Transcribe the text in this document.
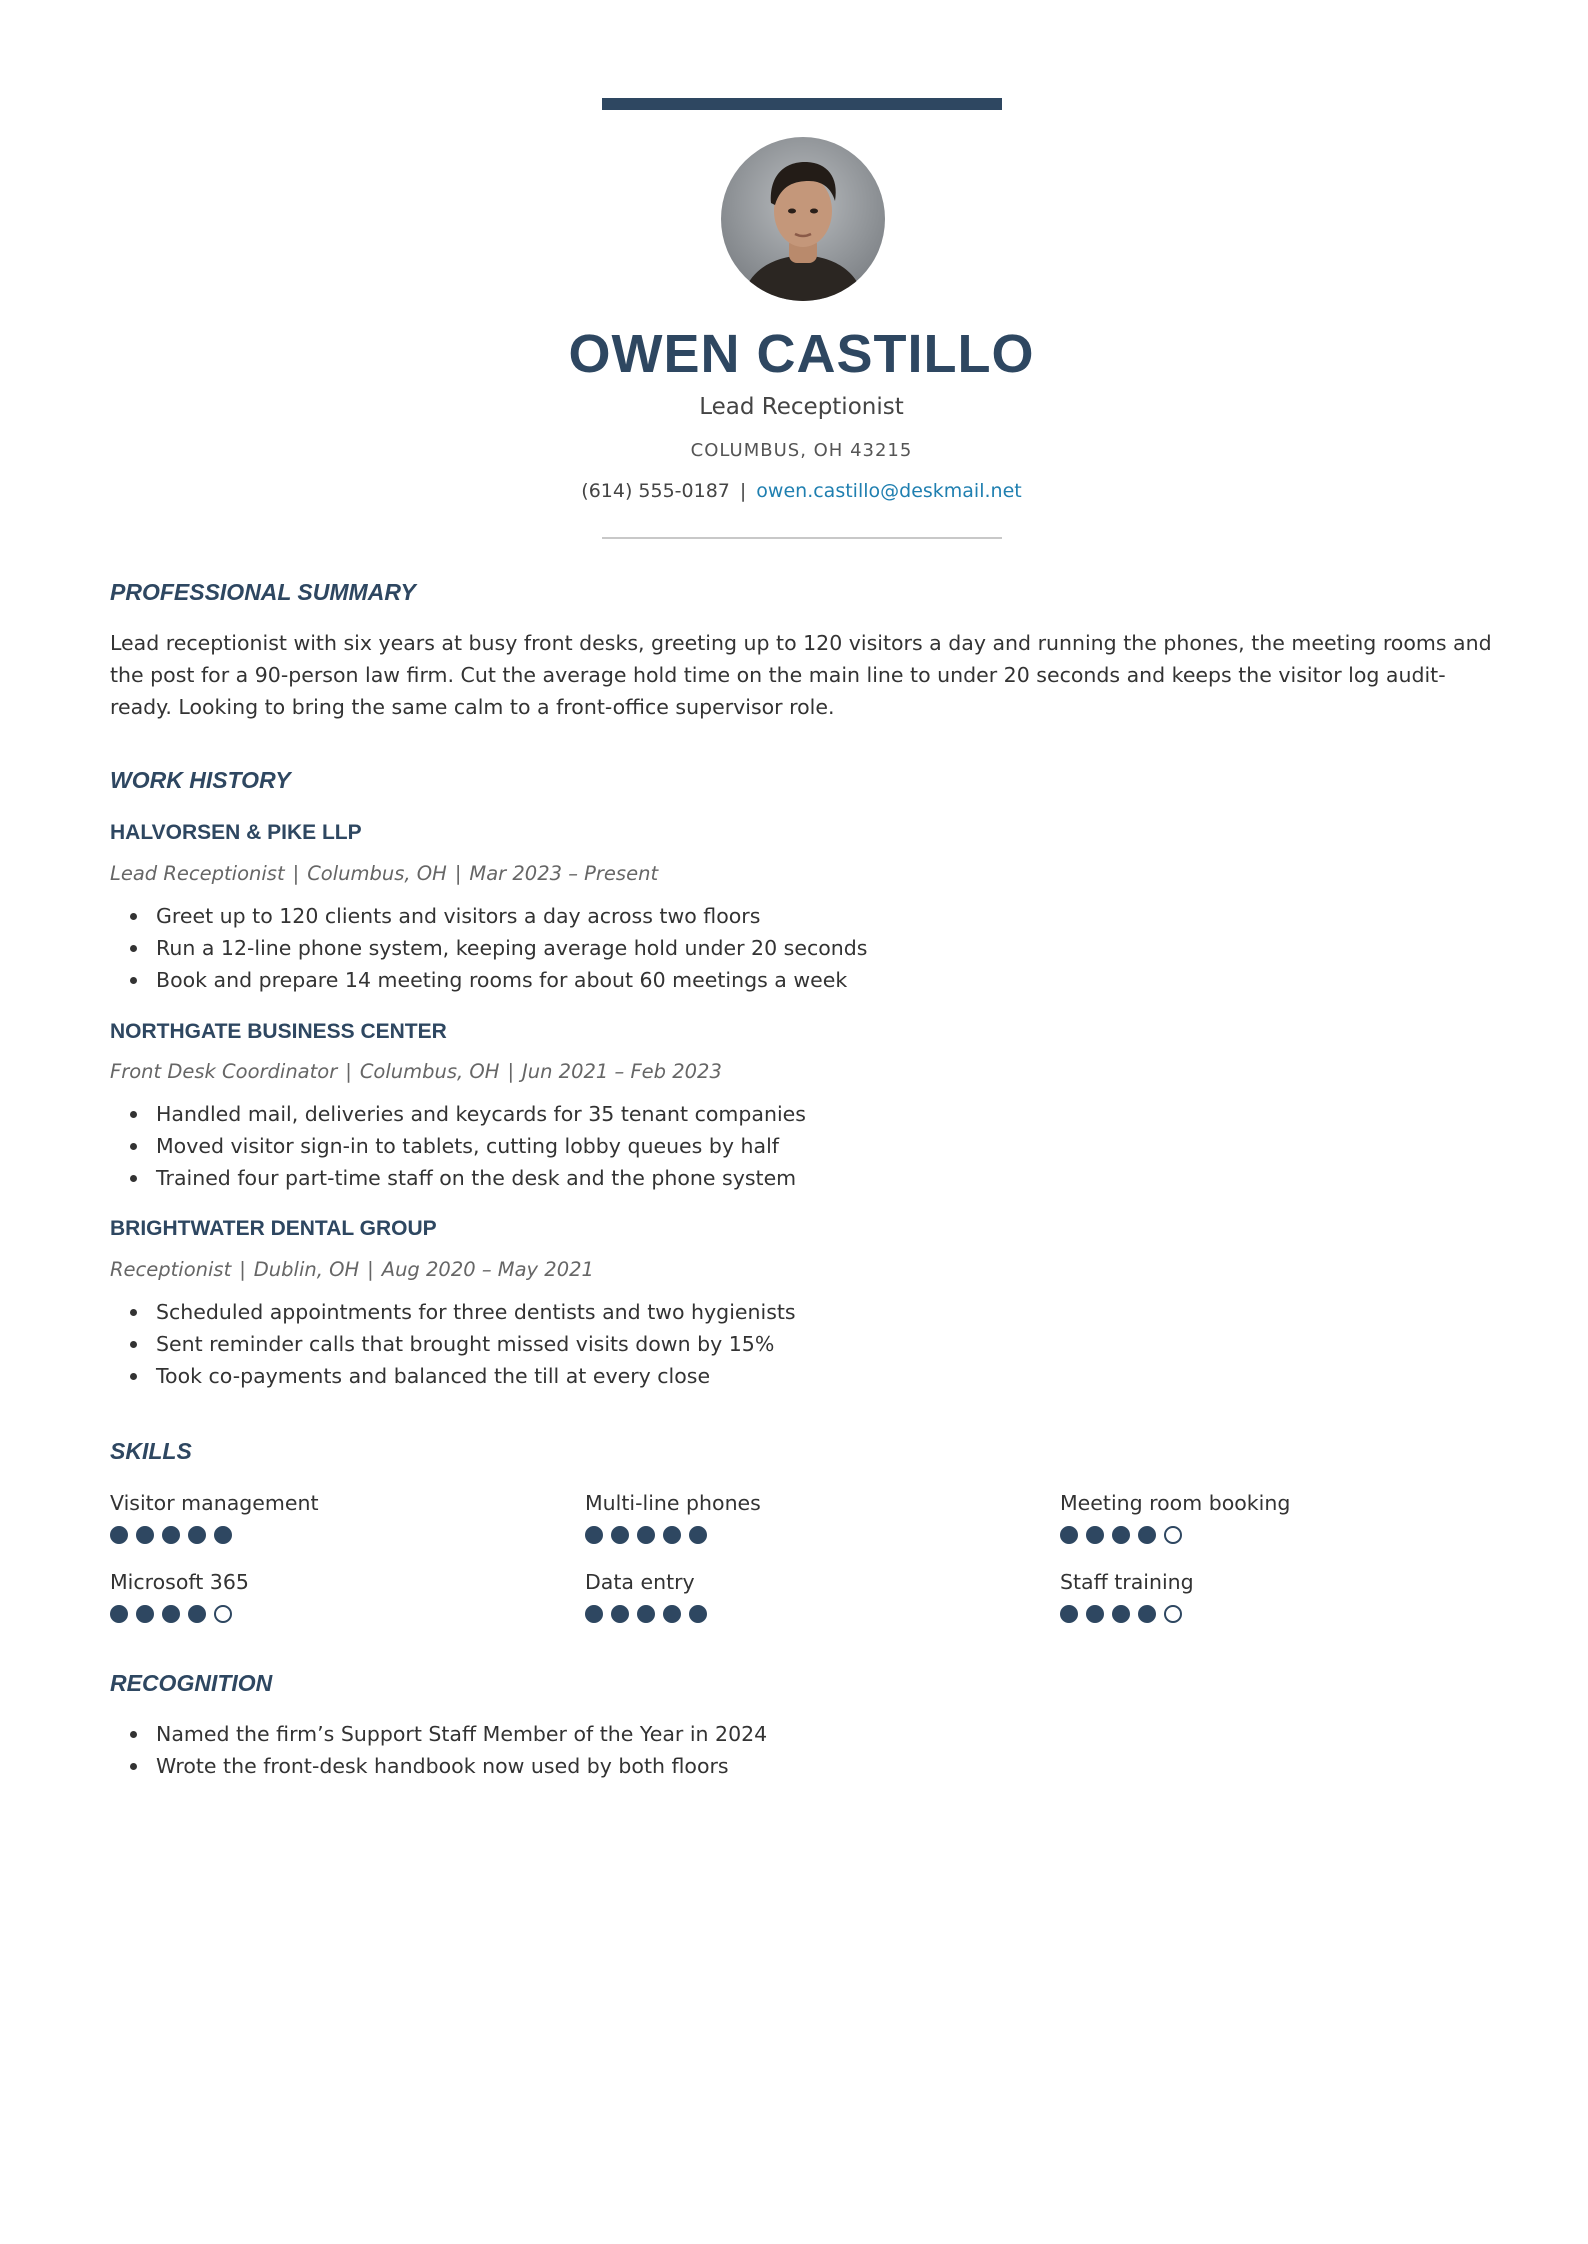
OWEN CASTILLO
Lead Receptionist
COLUMBUS, OH 43215
(614) 555-0187 | owen.castillo@deskmail.net
PROFESSIONAL SUMMARY

Lead receptionist with six years at busy front desks, greeting up to 120 visitors a day and running the phones, the meeting rooms and the post for a 90-person law firm. Cut the average hold time on the main line to under 20 seconds and keeps the visitor log audit-ready. Looking to bring the same calm to a front-office supervisor role.

WORK HISTORY
HALVORSEN & PIKE LLP
Lead Receptionist | Columbus, OH | Mar 2023 – Present
Greet up to 120 clients and visitors a day across two floors
Run a 12-line phone system, keeping average hold under 20 seconds
Book and prepare 14 meeting rooms for about 60 meetings a week
NORTHGATE BUSINESS CENTER
Front Desk Coordinator | Columbus, OH | Jun 2021 – Feb 2023
Handled mail, deliveries and keycards for 35 tenant companies
Moved visitor sign-in to tablets, cutting lobby queues by half
Trained four part-time staff on the desk and the phone system
BRIGHTWATER DENTAL GROUP
Receptionist | Dublin, OH | Aug 2020 – May 2021
Scheduled appointments for three dentists and two hygienists
Sent reminder calls that brought missed visits down by 15%
Took co-payments and balanced the till at every close
SKILLS
Visitor management	Multi-line phones	Meeting room booking
Microsoft 365	Data entry	Staff training
RECOGNITION
Named the firm’s Support Staff Member of the Year in 2024
Wrote the front-desk handbook now used by both floors
